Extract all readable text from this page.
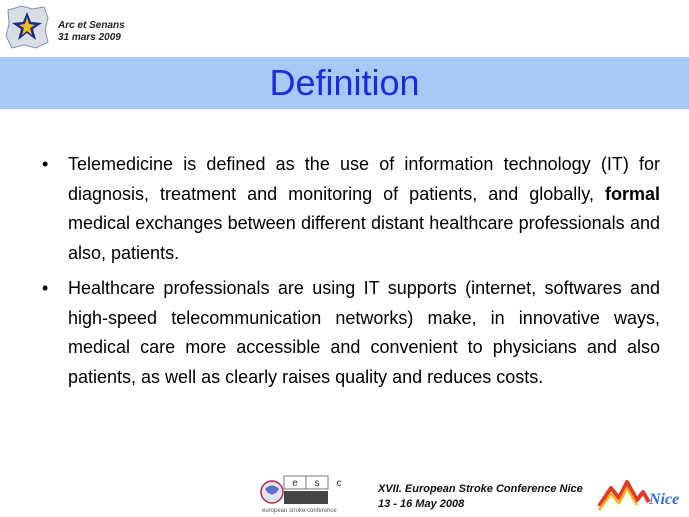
Arc et Senans
31 mars 2009
Definition
• Telemedicine is defined as the use of information technology (IT) for diagnosis, treatment and monitoring of patients, and globally, formal medical exchanges between different distant healthcare professionals and also, patients.
• Healthcare professionals are using IT supports (internet, softwares and high-speed telecommunication networks) make, in innovative ways, medical care more accessible and convenient to physicians and also patients, as well as clearly raises quality and reduces costs.
e s c
european stroke conference
XVII. European Stroke Conference Nice
13 - 16 May 2008	Nice
